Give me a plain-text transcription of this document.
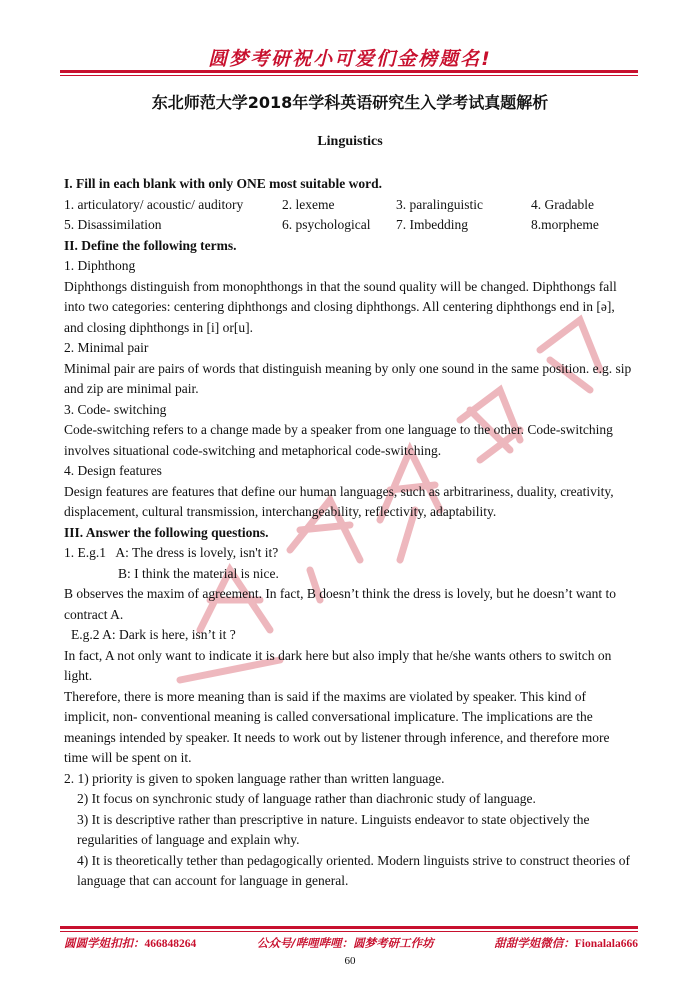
圆梦考研祝小可爱们金榜题名!
东北师范大学2018年学科英语研究生入学考试真题解析
Linguistics

I. Fill in each blank with only ONE most suitable word.

1. articulatory/ acoustic/ auditory	2. lexeme	3. paralinguistic	4. Gradable
5. Disassimilation	6. psychological	7. Imbedding	8.morpheme

II. Define the following terms.

1. Diphthong

Diphthongs distinguish from monophthongs in that the sound quality will be changed. Diphthongs fall into two categories: centering diphthongs and closing diphthongs. All centering diphthongs end in [ə], and closing diphthongs in [i] or[u].

2. Minimal pair

Minimal pair are pairs of words that distinguish meaning by only one sound in the same position. e.g. sip and zip are minimal pair.

3. Code- switching

Code-switching refers to a change made by a speaker from one language to the other. Code-switching involves situational code-switching and metaphorical code-switching.

4. Design features

Design features are features that define our human languages, such as arbitrariness, duality, creativity, displacement, cultural transmission, interchangeability, reflectivity, adaptability.

III. Answer the following questions.

1. E.g.1   A: The dress is lovely, isn't it?

B: I think the material is nice.

B observes the maxim of agreement. In fact, B doesn’t think the dress is lovely, but he doesn’t want to contract A.

E.g.2 A: Dark is here, isn’t it ?

In fact, A not only want to indicate it is dark here but also imply that he/she wants others to switch on light.

Therefore, there is more meaning than is said if the maxims are violated by speaker. This kind of implicit, non- conventional meaning is called conversational implicature. The implications are the meanings intended by speaker. It needs to work out by listener through inference, and therefore more time will be spent on it.

2. 1) priority is given to spoken language rather than written language.

2) It focus on synchronic study of language rather than diachronic study of language.

3) It is descriptive rather than prescriptive in nature. Linguists endeavor to state objectively the regularities of language and explain why.

4) It is theoretically tether than pedagogically oriented. Modern linguists strive to construct theories of language that can account for language in general.

圆圆学姐扣扣：466848264	公众号/哔哩哔哩：圆梦考研工作坊	甜甜学姐微信：Fionalala666
60
